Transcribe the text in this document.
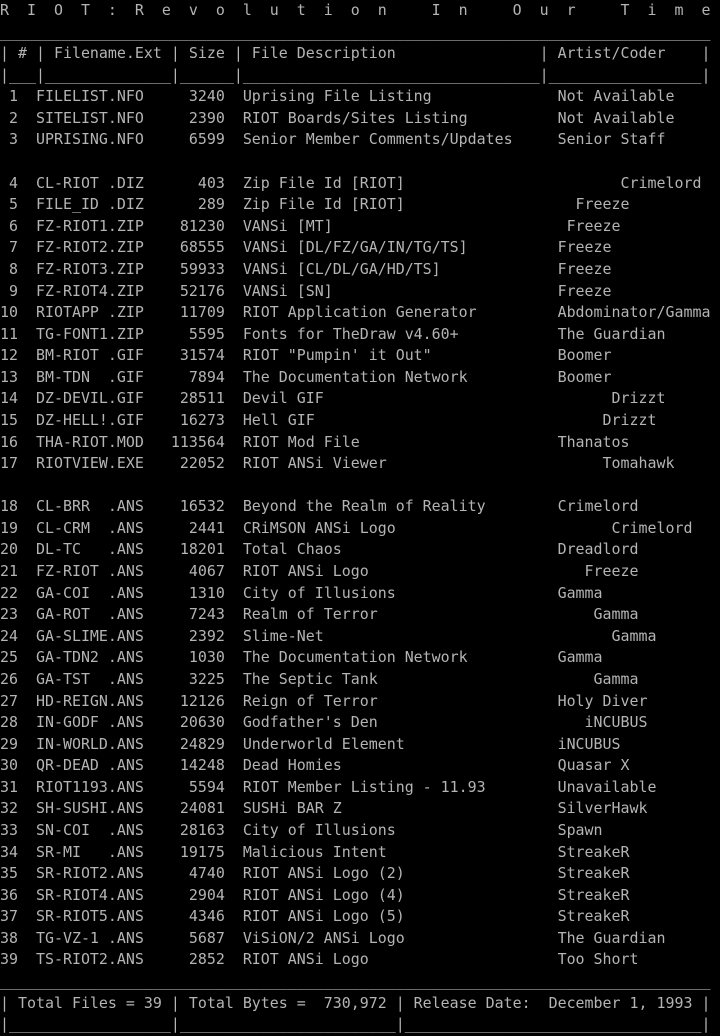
R  I  O  T  :  R  e  v  o  l  u  t  i  o  n     I  n     O  u  r     T  i  m  e
_______________________________________________________________________________
| # | Filename.Ext | Size | File Description                | Artist/Coder    |
|___|______________|______|_________________________________|_________________|
1  FILELIST.NFO     3240  Uprising File Listing              Not Available
2  SITELIST.NFO     2390  RIOT Boards/Sites Listing          Not Available
3  UPRISING.NFO     6599  Senior Member Comments/Updates     Senior Staff
4  CL-RIOT .DIZ      403  Zip File Id [RIOT]                        Crimelord
5  FILE_ID .DIZ      289  Zip File Id [RIOT]                   Freeze
6  FZ-RIOT1.ZIP    81230  VANSi [MT]                          Freeze
7  FZ-RIOT2.ZIP    68555  VANSi [DL/FZ/GA/IN/TG/TS]          Freeze
8  FZ-RIOT3.ZIP    59933  VANSi [CL/DL/GA/HD/TS]             Freeze
9  FZ-RIOT4.ZIP    52176  VANSi [SN]                         Freeze
10  RIOTAPP .ZIP    11709  RIOT Application Generator         Abdominator/Gamma
11  TG-FONT1.ZIP     5595  Fonts for TheDraw v4.60+           The Guardian
12  BM-RIOT .GIF    31574  RIOT "Pumpin' it Out"              Boomer
13  BM-TDN  .GIF     7894  The Documentation Network          Boomer
14  DZ-DEVIL.GIF    28511  Devil GIF                                Drizzt
15  DZ-HELL!.GIF    16273  Hell GIF                                Drizzt
16  THA-RIOT.MOD   113564  RIOT Mod File                      Thanatos
17  RIOTVIEW.EXE    22052  RIOT ANSi Viewer                        Tomahawk
18  CL-BRR  .ANS    16532  Beyond the Realm of Reality        Crimelord
19  CL-CRM  .ANS     2441  CRiMSON ANSi Logo                        Crimelord
20  DL-TC   .ANS    18201  Total Chaos                        Dreadlord
21  FZ-RIOT .ANS     4067  RIOT ANSi Logo                        Freeze
22  GA-COI  .ANS     1310  City of Illusions                  Gamma
23  GA-ROT  .ANS     7243  Realm of Terror                        Gamma
24  GA-SLIME.ANS     2392  Slime-Net                                Gamma
25  GA-TDN2 .ANS     1030  The Documentation Network          Gamma
26  GA-TST  .ANS     3225  The Septic Tank                        Gamma
27  HD-REIGN.ANS    12126  Reign of Terror                    Holy Diver
28  IN-GODF .ANS    20630  Godfather's Den                       iNCUBUS
29  IN-WORLD.ANS    24829  Underworld Element                 iNCUBUS
30  QR-DEAD .ANS    14248  Dead Homies                        Quasar X
31  RIOT1193.ANS     5594  RIOT Member Listing - 11.93        Unavailable
32  SH-SUSHI.ANS    24081  SUSHi BAR Z                        SilverHawk
33  SN-COI  .ANS    28163  City of Illusions                  Spawn
34  SR-MI   .ANS    19175  Malicious Intent                   StreakeR
35  SR-RIOT2.ANS     4740  RIOT ANSi Logo (2)                 StreakeR
36  SR-RIOT4.ANS     2904  RIOT ANSi Logo (4)                 StreakeR
37  SR-RIOT5.ANS     4346  RIOT ANSi Logo (5)                 StreakeR
38  TG-VZ-1 .ANS     5687  ViSiON/2 ANSi Logo                 The Guardian
39  TS-RIOT2.ANS     2852  RIOT ANSi Logo                     Too Short
_______________________________________________________________________________
| Total Files = 39 | Total Bytes =  730,972 | Release Date:  December 1, 1993 |
|__________________|________________________|_________________________________|
